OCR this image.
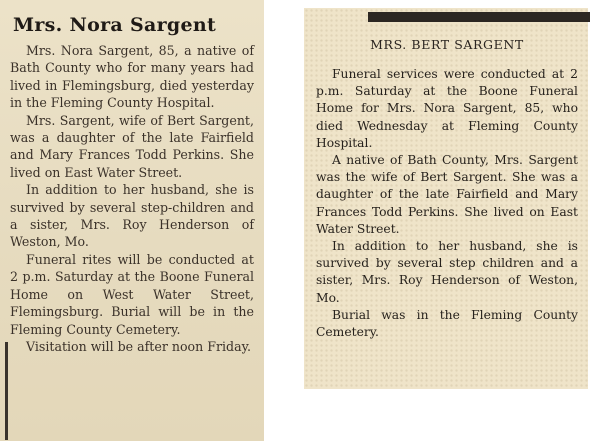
Mrs. Nora Sargent

Mrs. Nora Sargent, 85, a native of Bath County who for many years had lived in Flemingsburg, died yesterday in the Fleming County Hospital.

Mrs. Sargent, wife of Bert Sargent, was a daughter of the late Fairfield and Mary Frances Todd Perkins. She lived on East Water Street.

In addition to her husband, she is survived by several step-children and a sister, Mrs. Roy Henderson of Weston, Mo.

Funeral rites will be conducted at 2 p.m. Saturday at the Boone Funeral Home on West Water Street, Flemingsburg. Burial will be in the Fleming County Cemetery.

Visitation will be after noon Friday.

MRS. BERT SARGENT

Funeral services were conducted at 2 p.m. Saturday at the Boone Funeral Home for Mrs. Nora Sargent, 85, who died Wednesday at Fleming County Hospital.

A native of Bath County, Mrs. Sargent was the wife of Bert Sargent. She was a daughter of the late Fairfield and Mary Frances Todd Perkins. She lived on East Water Street.

In addition to her husband, she is survived by several step children and a sister, Mrs. Roy Henderson of Weston, Mo.

Burial was in the Fleming County Cemetery.
